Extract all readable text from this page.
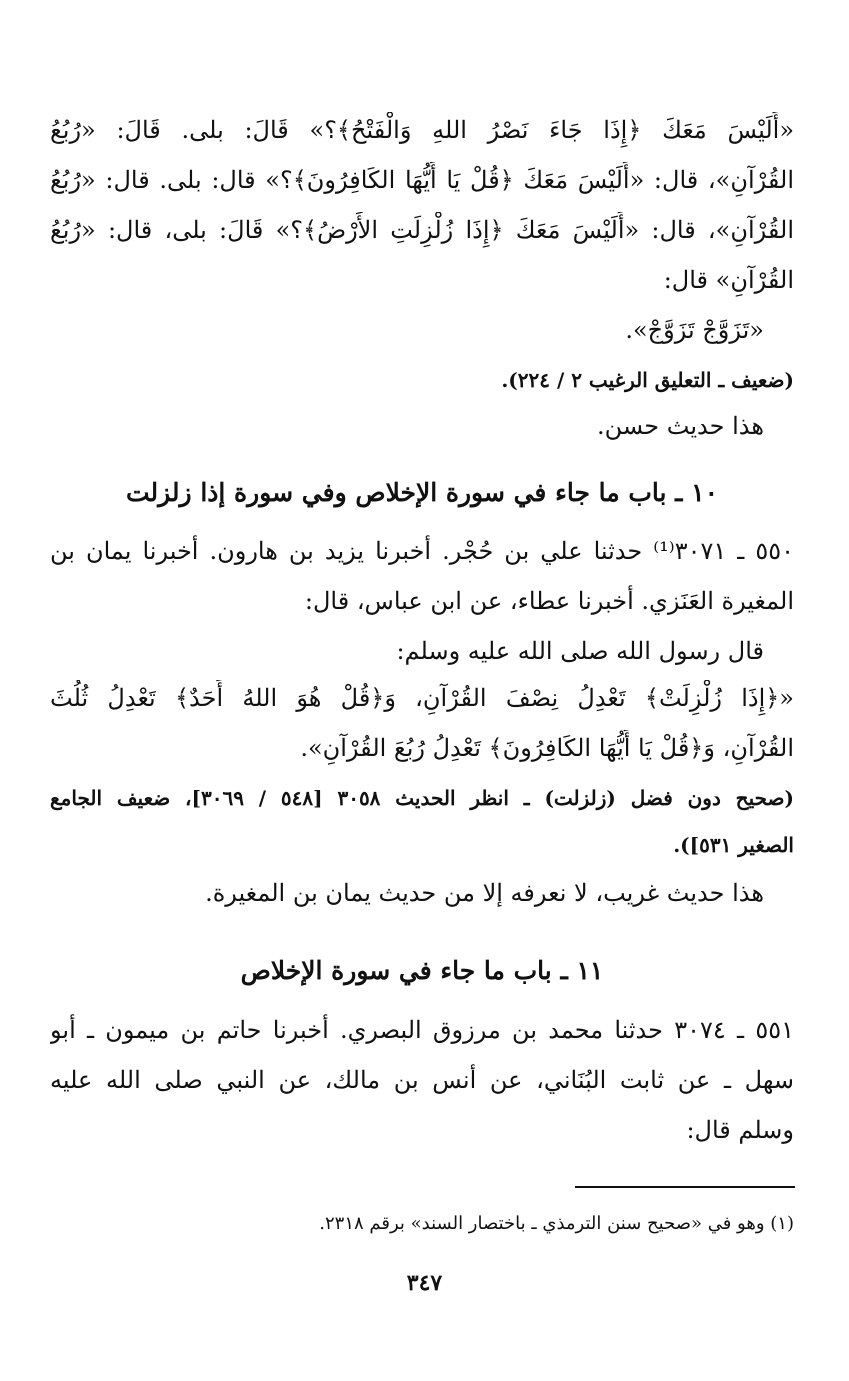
«أَلَيْسَ مَعَكَ ﴿إِذَا جَاءَ نَصْرُ اللهِ وَالْفَتْحُ﴾؟» قَالَ: بلى. قَالَ: «رُبُعُ
القُرْآنِ»، قال: «أَلَيْسَ مَعَكَ ﴿قُلْ يَا أَيُّهَا الكَافِرُونَ﴾؟» قال: بلى. قال: «رُبُعُ
القُرْآنِ»، قال: «أَلَيْسَ مَعَكَ ﴿إِذَا زُلْزِلَتِ الأَرْضُ﴾؟» قَالَ: بلى، قال: «رُبُعُ
القُرْآنِ» قال:
«تَزَوَّجْ تَزَوَّجْ».
(ضعيف ـ التعليق الرغيب ٢ / ٢٢٤).
هذا حديث حسن.
١٠ ـ باب ما جاء في سورة الإخلاص وفي سورة إذا زلزلت
٥٥٠ ـ ٣٠٧١⁽¹⁾ حدثنا علي بن حُجْر. أخبرنا يزيد بن هارون. أخبرنا يمان بن
المغيرة العَنَزي. أخبرنا عطاء، عن ابن عباس، قال:
قال رسول الله صلى الله عليه وسلم:
«﴿إِذَا زُلْزِلَتْ﴾ تَعْدِلُ نِصْفَ القُرْآنِ، وَ﴿قُلْ هُوَ اللهُ أَحَدٌ﴾ تَعْدِلُ ثُلُثَ
القُرْآنِ، وَ﴿قُلْ يَا أَيُّهَا الكَافِرُونَ﴾ تَعْدِلُ رُبُعَ القُرْآنِ».
(صحيح دون فضل (زلزلت) ـ انظر الحديث ٣٠٥٨ [٥٤٨ / ٣٠٦٩]، ضعيف الجامع
الصغير ٥٣١]).
هذا حديث غريب، لا نعرفه إلا من حديث يمان بن المغيرة.
١١ ـ باب ما جاء في سورة الإخلاص
٥٥١ ـ ٣٠٧٤ حدثنا محمد بن مرزوق البصري. أخبرنا حاتم بن ميمون ـ أبو
سهل ـ عن ثابت البُنَاني، عن أنس بن مالك، عن النبي صلى الله عليه
وسلم قال:
(١) وهو في «صحيح سنن الترمذي ـ باختصار السند» برقم ٢٣١٨.
٣٤٧
